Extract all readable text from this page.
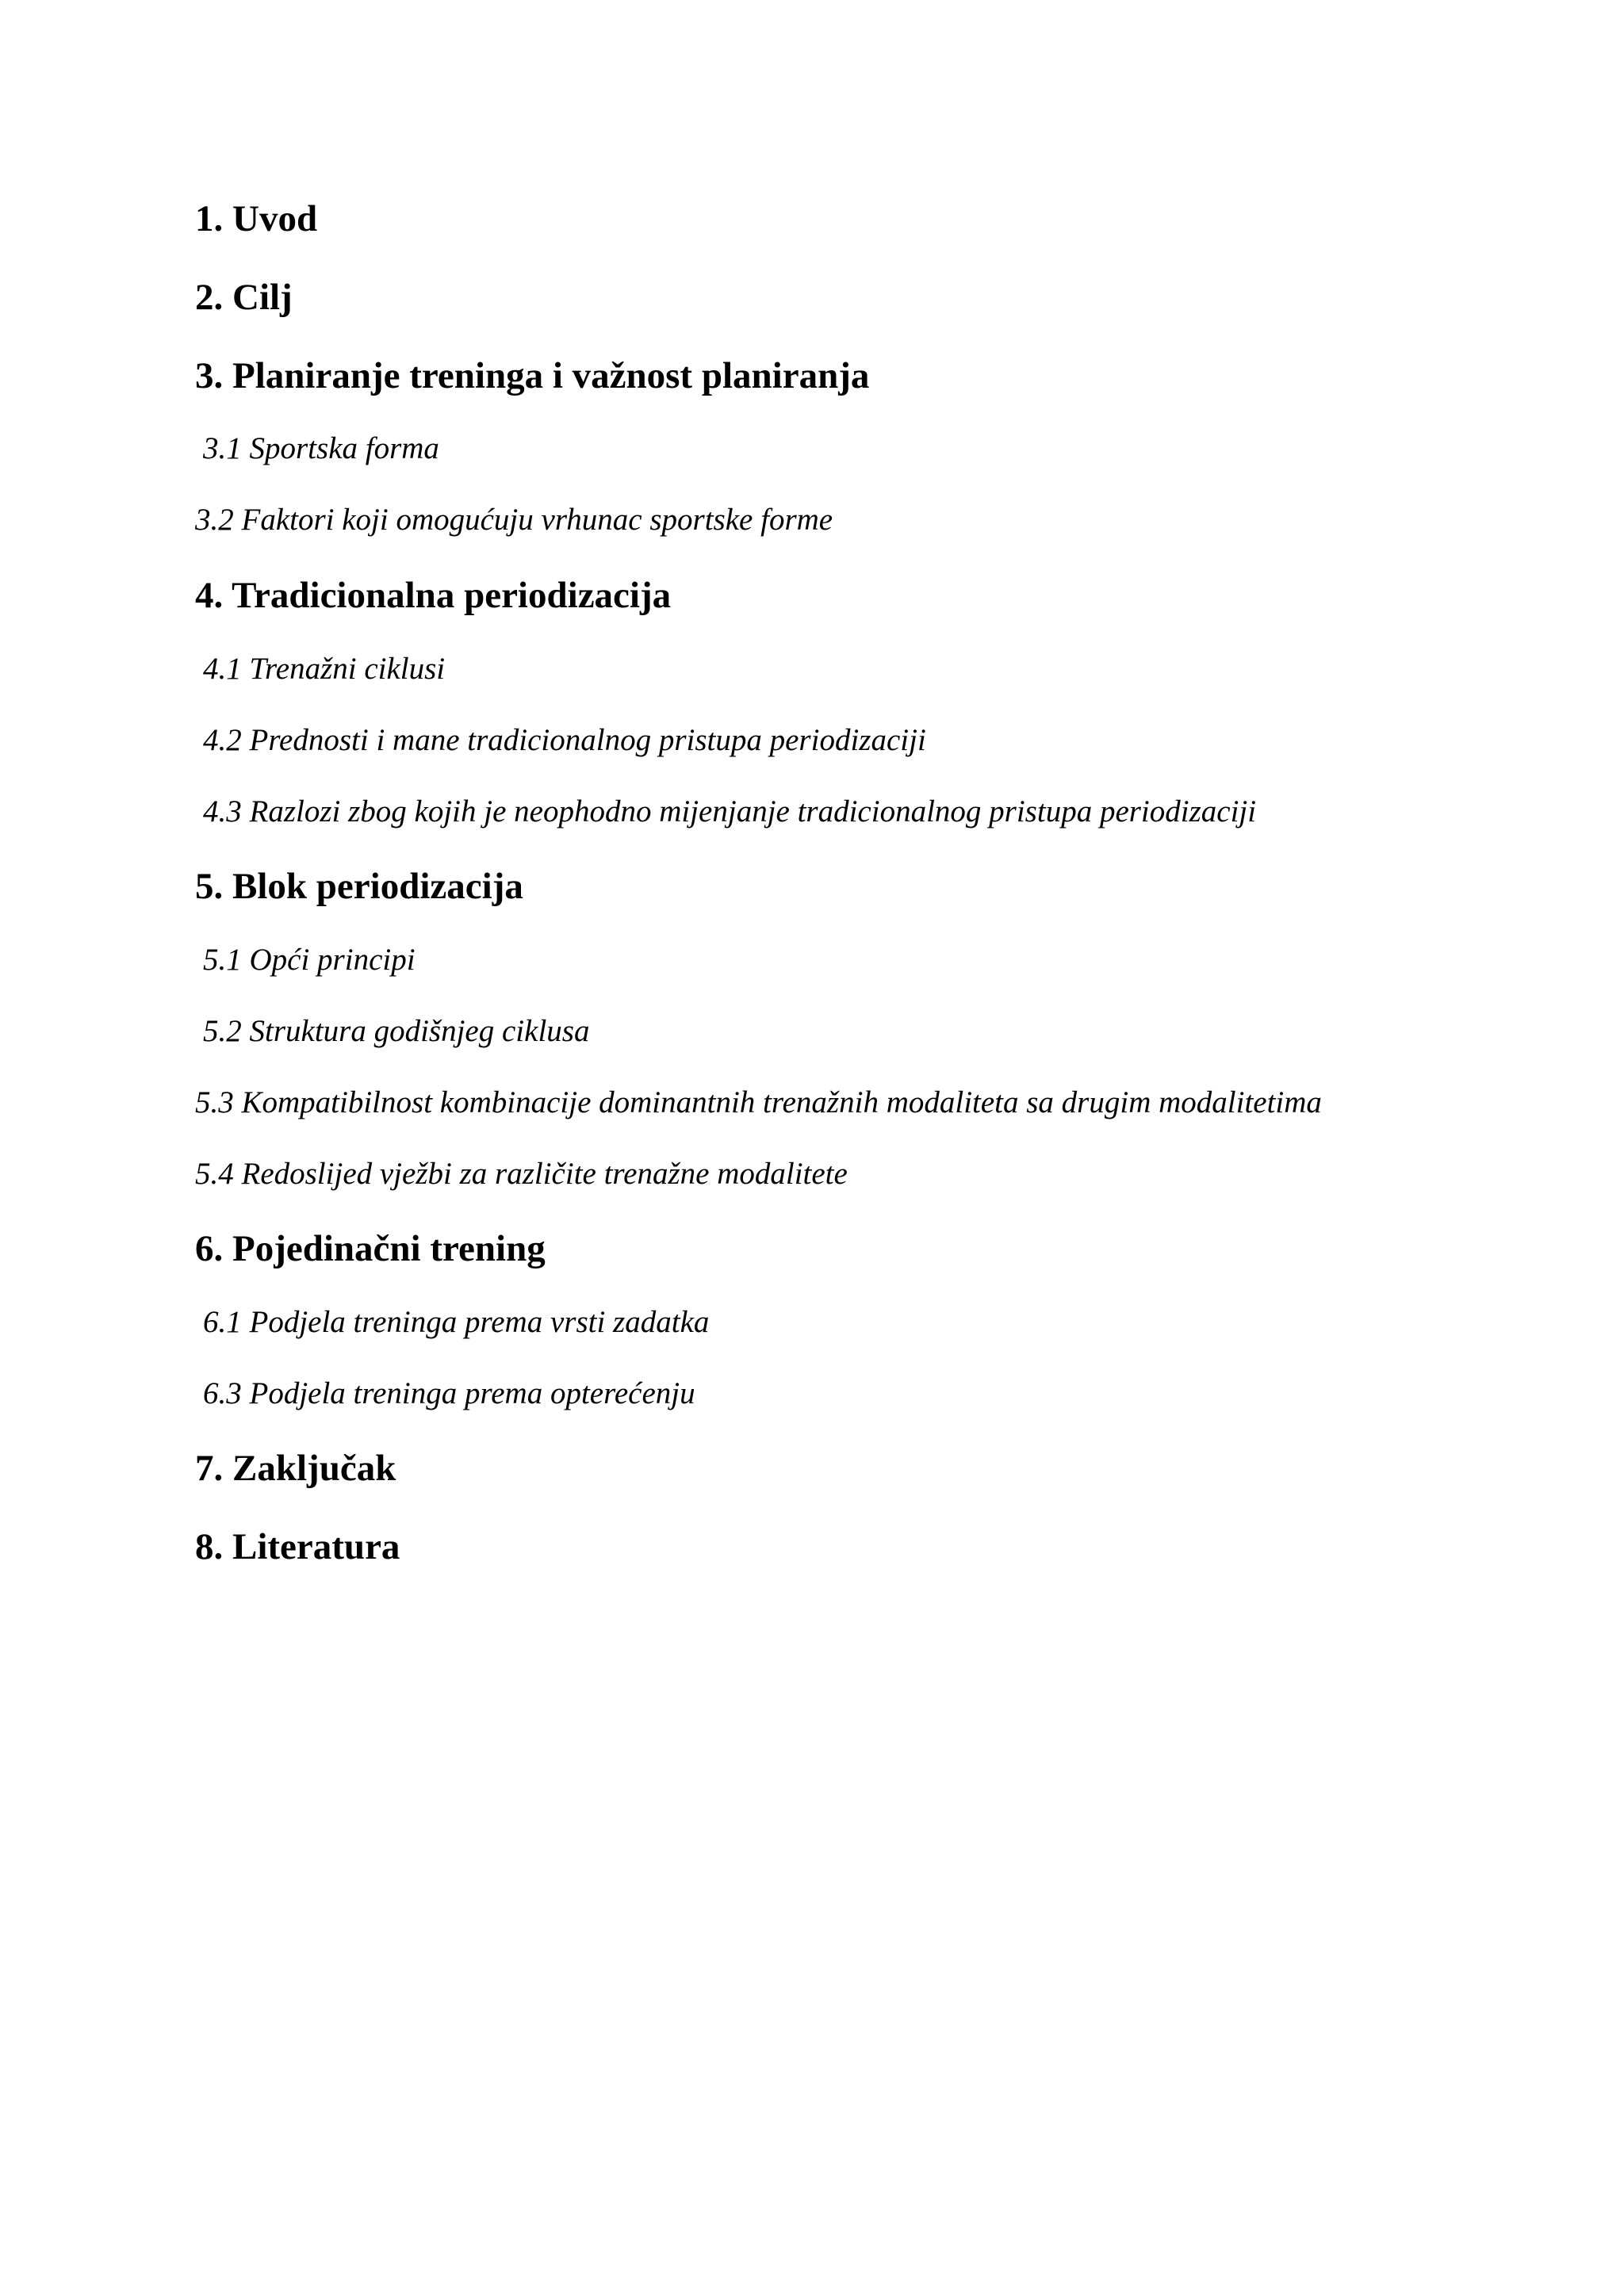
1. Uvod
2. Cilj
3. Planiranje treninga i važnost planiranja
3.1 Sportska forma
3.2 Faktori koji omogućuju vrhunac sportske forme
4. Tradicionalna periodizacija
4.1 Trenažni ciklusi
4.2 Prednosti i mane tradicionalnog pristupa periodizaciji
4.3 Razlozi zbog kojih je neophodno mijenjanje tradicionalnog pristupa periodizaciji
5. Blok periodizacija
5.1 Opći principi
5.2 Struktura godišnjeg ciklusa
5.3 Kompatibilnost kombinacije dominantnih trenažnih modaliteta sa drugim modalitetima
5.4 Redoslijed vježbi za različite trenažne modalitete
6. Pojedinačni trening
6.1 Podjela treninga prema vrsti zadatka
6.3 Podjela treninga prema opterećenju
7. Zaključak
8. Literatura
